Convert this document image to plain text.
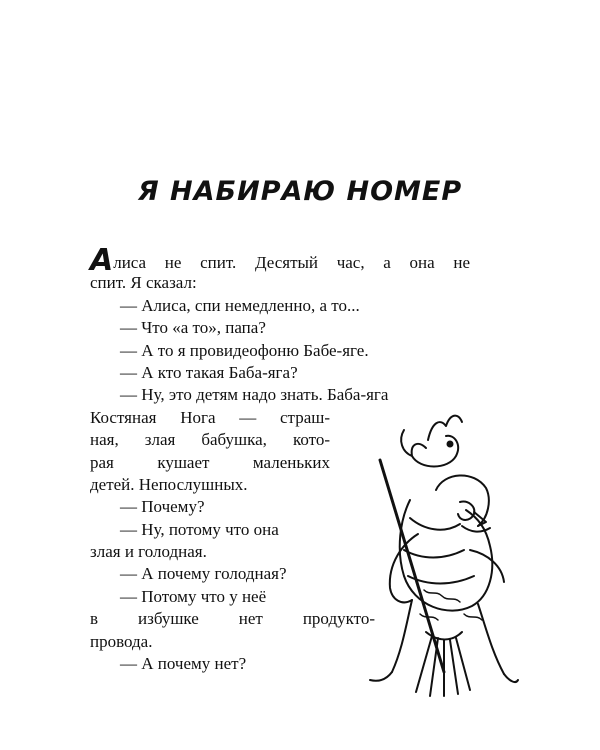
Я НАБИРАЮ НОМЕР
Алиса не спит. Десятый час, а она не
спит. Я сказал:
— Алиса, спи немедленно, а то...
— Что «а то», папа?
— А то я провидеофоню Бабе-яге.
— А кто такая Баба-яга?
— Ну, это детям надо знать. Баба-яга
Костяная Нога — страш-
ная, злая бабушка, кото-
рая кушает маленьких
детей. Непослушных.
— Почему?
— Ну, потому что она
злая и голодная.
— А почему голодная?
— Потому что у неё
в избушке нет продукто-
провода.
— А почему нет?
